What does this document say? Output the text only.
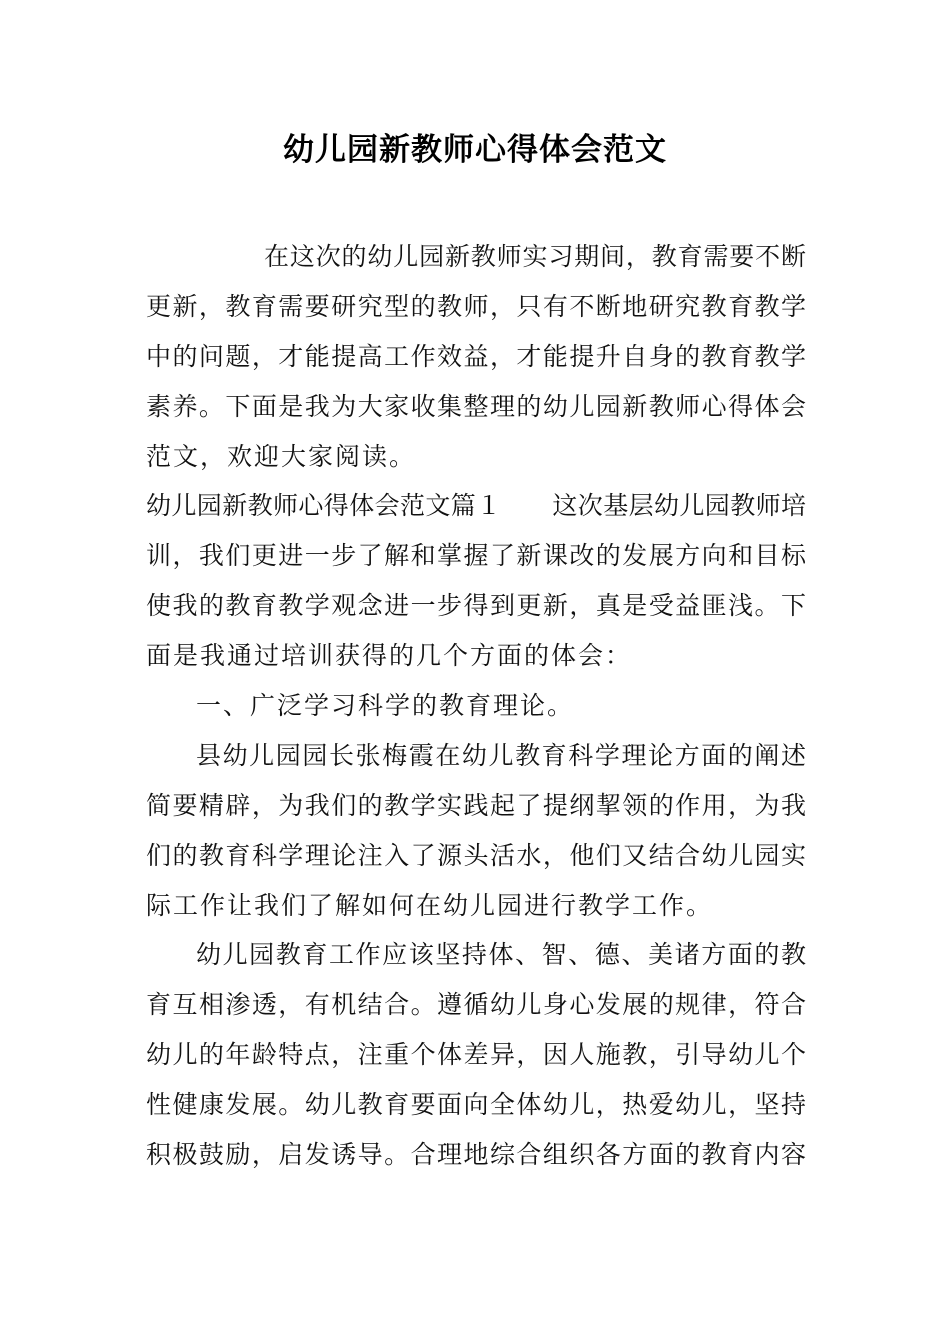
幼儿园新教师心得体会范文
在这次的幼儿园新教师实习期间，教育需要不断
更新，教育需要研究型的教师，只有不断地研究教育教学
中的问题，才能提高工作效益，才能提升自身的教育教学
素养。下面是我为大家收集整理的幼儿园新教师心得体会
范文，欢迎大家阅读。
幼儿园新教师心得体会范文篇１　　这次基层幼儿园教师培
训，我们更进一步了解和掌握了新课改的发展方向和目标
使我的教育教学观念进一步得到更新，真是受益匪浅。下
面是我通过培训获得的几个方面的体会：
一、广泛学习科学的教育理论。
县幼儿园园长张梅霞在幼儿教育科学理论方面的阐述
简要精辟，为我们的教学实践起了提纲挈领的作用，为我
们的教育科学理论注入了源头活水，他们又结合幼儿园实
际工作让我们了解如何在幼儿园进行教学工作。
幼儿园教育工作应该坚持体、智、德、美诸方面的教
育互相渗透，有机结合。遵循幼儿身心发展的规律，符合
幼儿的年龄特点，注重个体差异，因人施教，引导幼儿个
性健康发展。幼儿教育要面向全体幼儿，热爱幼儿，坚持
积极鼓励，启发诱导。合理地综合组织各方面的教育内容
